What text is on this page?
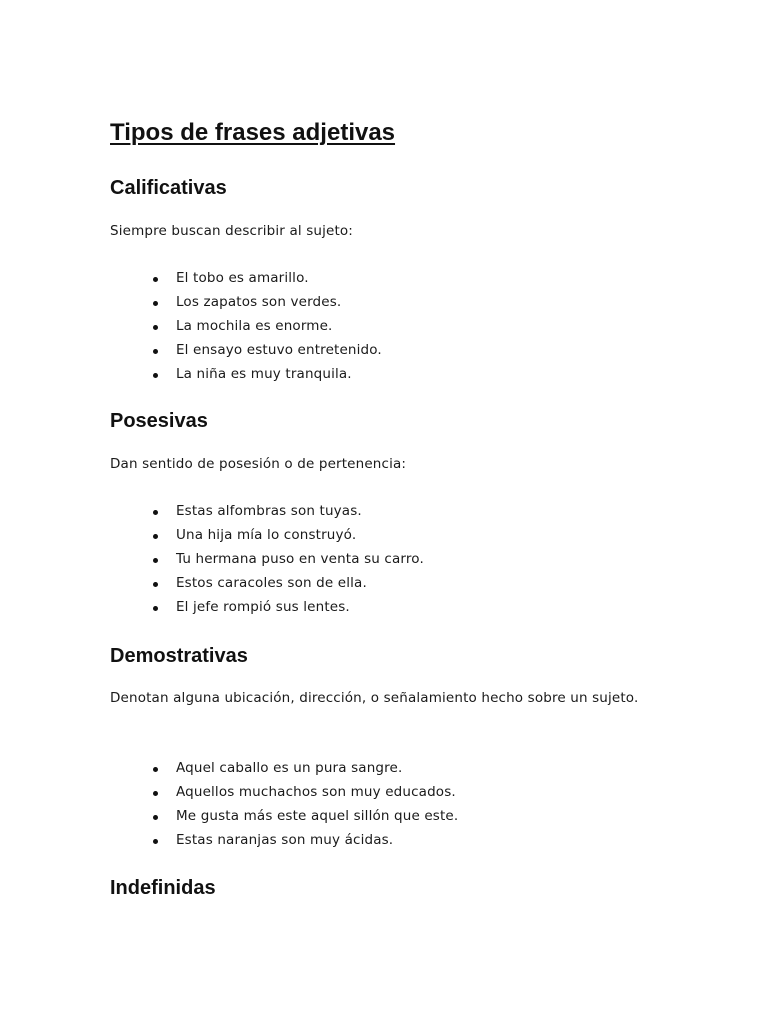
Tipos de frases adjetivas
Calificativas

Siempre buscan describir al sujeto:

El tobo es amarillo.
Los zapatos son verdes.
La mochila es enorme.
El ensayo estuvo entretenido.
La niña es muy tranquila.
Posesivas

Dan sentido de posesión o de pertenencia:

Estas alfombras son tuyas.
Una hija mía lo construyó.
Tu hermana puso en venta su carro.
Estos caracoles son de ella.
El jefe rompió sus lentes.
Demostrativas

Denotan alguna ubicación, dirección, o señalamiento hecho sobre un sujeto.

Aquel caballo es un pura sangre.
Aquellos muchachos son muy educados.
Me gusta más este aquel sillón que este.
Estas naranjas son muy ácidas.
Indefinidas
